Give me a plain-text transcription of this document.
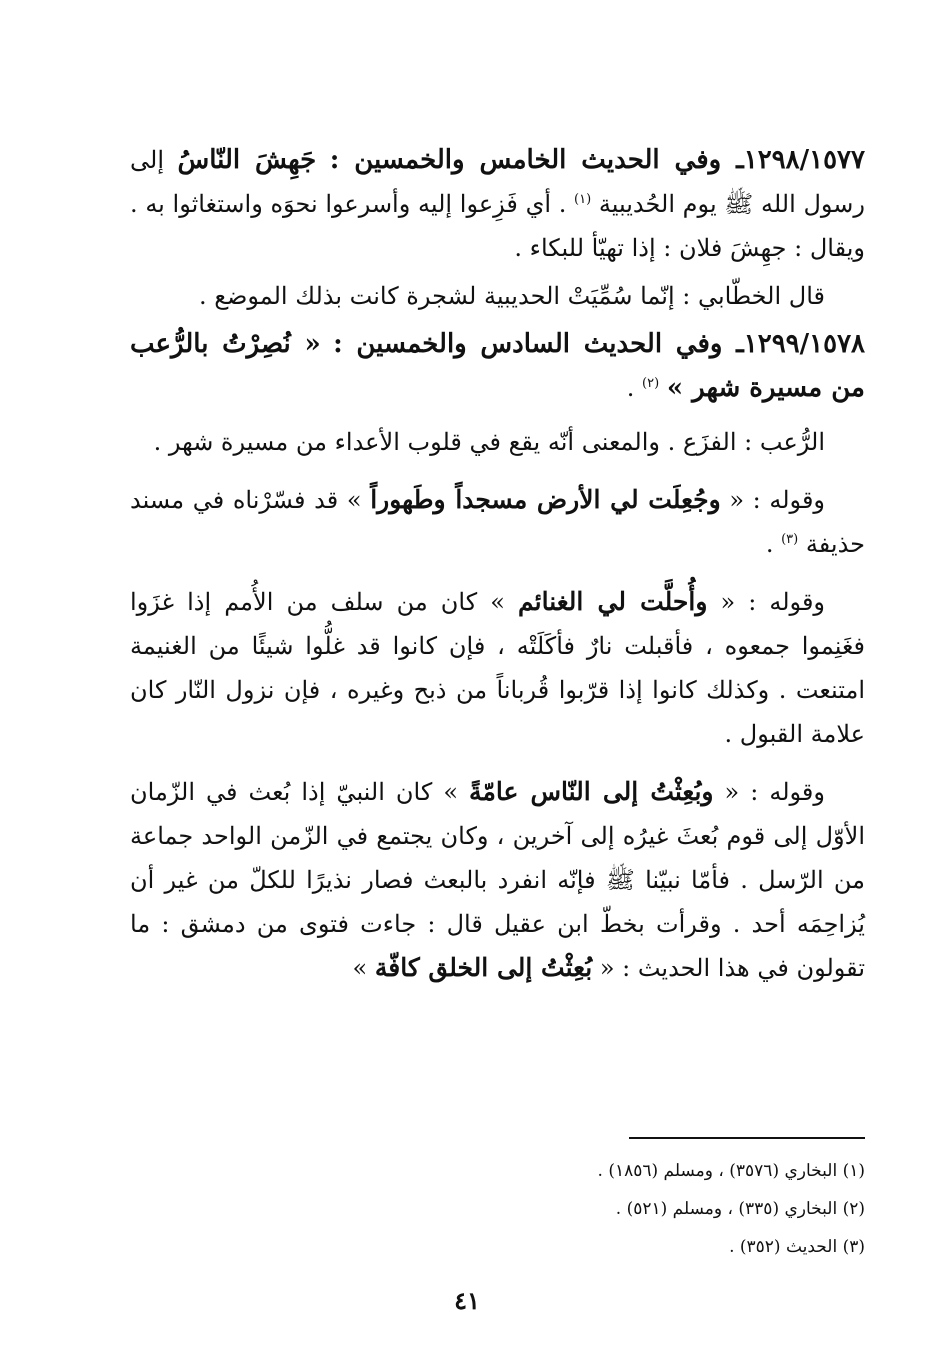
١٢٩٨/١٥٧٧ـ وفي الحديث الخامس والخمسين : جَهِشَ النّاسُ إلى رسول الله ﷺ يوم الحُديبية $^{(١)}$ . أي فَزِعوا إليه وأسرعوا نحوَه واستغاثوا به . ويقال : جهِشَ فلان : إذا تهيّأ للبكاء .

قال الخطّابي : إنّما سُمِّيَتْ الحديبية لشجرة كانت بذلك الموضع .

١٢٩٩/١٥٧٨ـ وفي الحديث السادس والخمسين : « نُصِرْتُ بالرُّعب من مسيرة شهر » $^{(٢)}$ .

الرُّعب : الفزَع . والمعنى أنّه يقع في قلوب الأعداء من مسيرة شهر .

وقوله : « وجُعِلَت لي الأرض مسجداً وطَهوراً » قد فسّرْناه في مسند حذيفة $^{(٣)}$ .

وقوله : « وأُحلَّت لي الغنائم » كان من سلف من الأُمم إذا غزَوا فغَنِموا جمعوه ، فأقبلت نارٌ فأكَلَتْه ، فإن كانوا قد غلُّوا شيئًا من الغنيمة امتنعت . وكذلك كانوا إذا قرّبوا قُرباناً من ذبح وغيره ، فإن نزول النّار كان علامة القبول .

وقوله : « وبُعِثْتُ إلى النّاس عامّةً » كان النبيّ إذا بُعث في الزّمان الأوّل إلى قوم بُعثَ غيرُه إلى آخرين ، وكان يجتمع في الزّمن الواحد جماعة من الرّسل . فأمّا نبيّنا ﷺ فإنّه انفرد بالبعث فصار نذيرًا للكلّ من غير أن يُزاحِمَه أحد . وقرأت بخطّ ابن عقيل قال : جاءت فتوى من دمشق : ما تقولون في هذا الحديث : « بُعِثْتُ إلى الخلق كافّة »

(١) البخاري (٣٥٧٦) ، ومسلم (١٨٥٦) .

(٢) البخاري (٣٣٥) ، ومسلم (٥٢١) .

(٣) الحديث (٣٥٢) .

٤١
